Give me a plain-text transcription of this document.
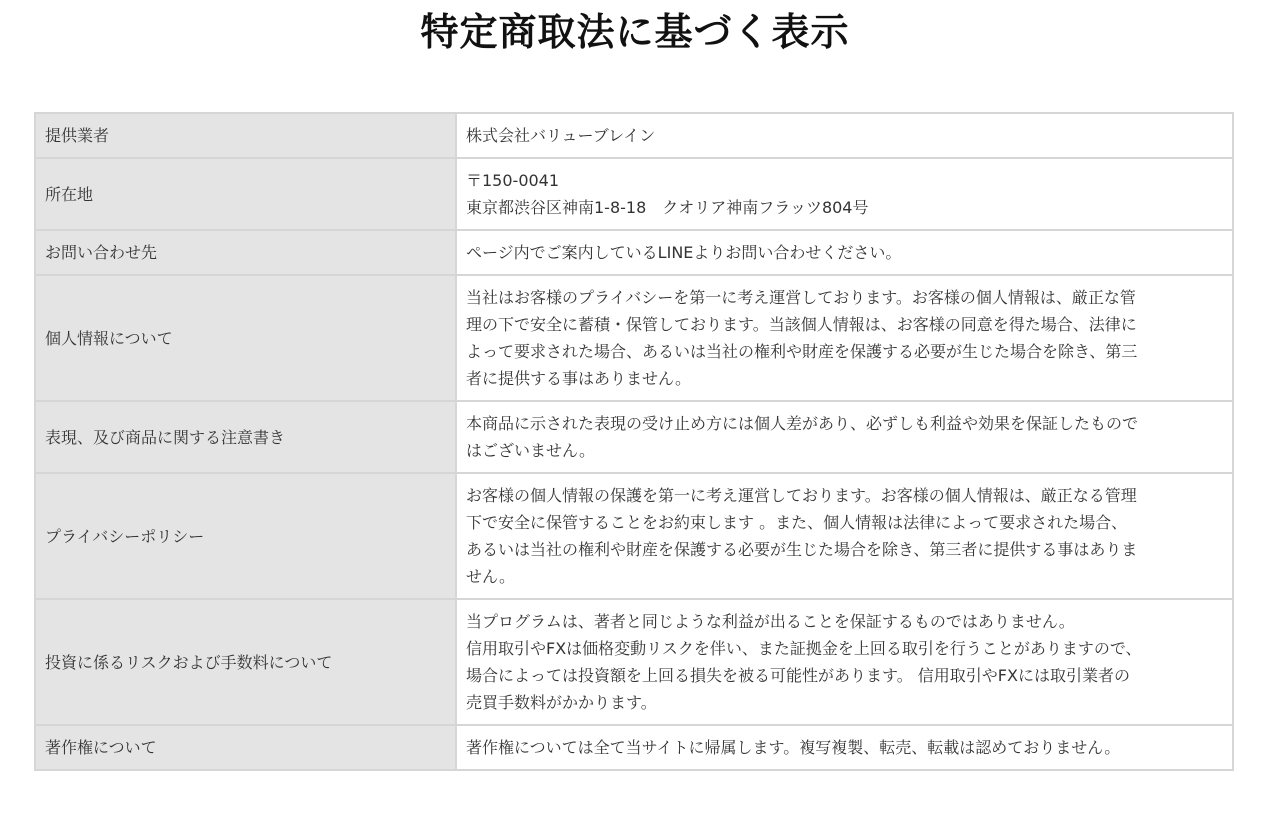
特定商取法に基づく表示
提供業者	株式会社バリューブレイン

所在地	〒150-0041
東京都渋谷区神南1-8-18　クオリア神南フラッツ804号

お問い合わせ先	ページ内でご案内しているLINEよりお問い合わせください。

個人情報について	当社はお客様のプライバシーを第一に考え運営しております。お客様の個人情報は、厳正な管
理の下で安全に蓄積・保管しております。当該個人情報は、お客様の同意を得た場合、法律に
よって要求された場合、あるいは当社の権利や財産を保護する必要が生じた場合を除き、第三
者に提供する事はありません。

表現、及び商品に関する注意書き	本商品に示された表現の受け止め方には個人差があり、必ずしも利益や効果を保証したもので
はございません。

プライバシーポリシー	お客様の個人情報の保護を第一に考え運営しております。お客様の個人情報は、厳正なる管理
下で安全に保管することをお約束します 。また、個人情報は法律によって要求された場合、
あるいは当社の権利や財産を保護する必要が生じた場合を除き、第三者に提供する事はありま
せん。

投資に係るリスクおよび手数料について	当プログラムは、著者と同じような利益が出ることを保証するものではありません。
信用取引やFXは価格変動リスクを伴い、また証拠金を上回る取引を行うことがありますので、
場合によっては投資額を上回る損失を被る可能性があります。 信用取引やFXには取引業者の
売買手数料がかかります。

著作権について	著作権については全て当サイトに帰属します。複写複製、転売、転載は認めておりません。
